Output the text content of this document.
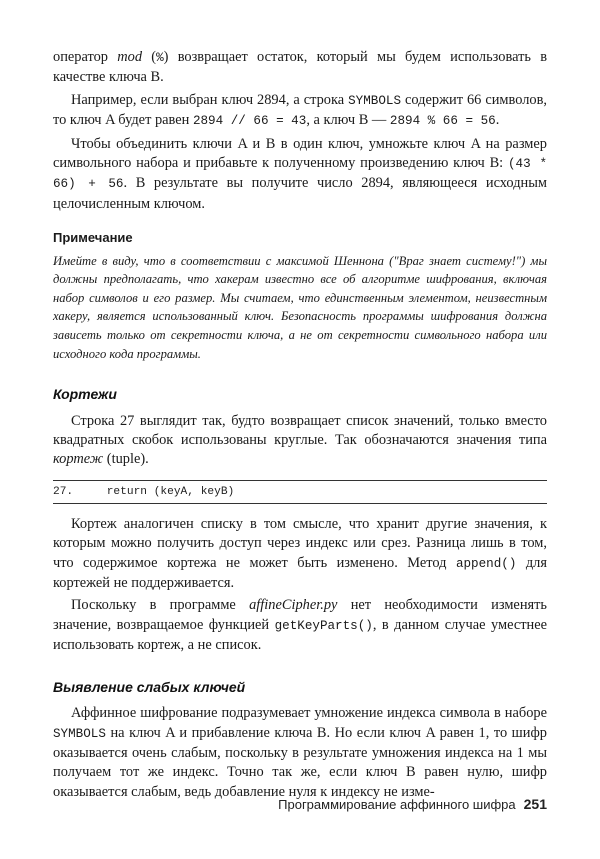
оператор mod (%) возвращает остаток, который мы будем использовать в качестве ключа B.

Например, если выбран ключ 2894, а строка SYMBOLS содержит 66 символов, то ключ A будет равен 2894 // 66 = 43, а ключ B — 2894 % 66 = 56.

Чтобы объединить ключи A и B в один ключ, умножьте ключ A на размер символьного набора и прибавьте к полученному произведению ключ B: (43 * 66) + 56. В результате вы получите число 2894, являющееся исходным целочисленным ключом.

Примечание
Имейте в виду, что в соответствии с максимой Шеннона ("Враг знает систему!") мы должны предполагать, что хакерам известно все об алгоритме шифрования, включая набор символов и его размер. Мы считаем, что единственным элементом, неизвестным хакеру, является использованный ключ. Безопасность программы шифрования должна зависеть только от секретности ключа, а не от секретности символьного набора или исходного кода программы.
Кортежи

Строка 27 выглядит так, будто возвращает список значений, только вместо квадратных скобок использованы круглые. Так обозначаются значения типа кортеж (tuple).

27.     return (keyA, keyB)

Кортеж аналогичен списку в том смысле, что хранит другие значения, к которым можно получить доступ через индекс или срез. Разница лишь в том, что содержимое кортежа не может быть изменено. Метод append() для кортежей не поддерживается.

Поскольку в программе affineCipher.py нет необходимости изменять значение, возвращаемое функцией getKeyParts(), в данном случае уместнее использовать кортеж, а не список.

Выявление слабых ключей

Аффинное шифрование подразумевает умножение индекса символа в наборе SYMBOLS на ключ A и прибавление ключа B. Но если ключ A равен 1, то шифр оказывается очень слабым, поскольку в результате умножения индекса на 1 мы получаем тот же индекс. Точно так же, если ключ B равен нулю, шифр оказывается слабым, ведь добавление нуля к индексу не изме-

Программирование аффинного шифра 251
